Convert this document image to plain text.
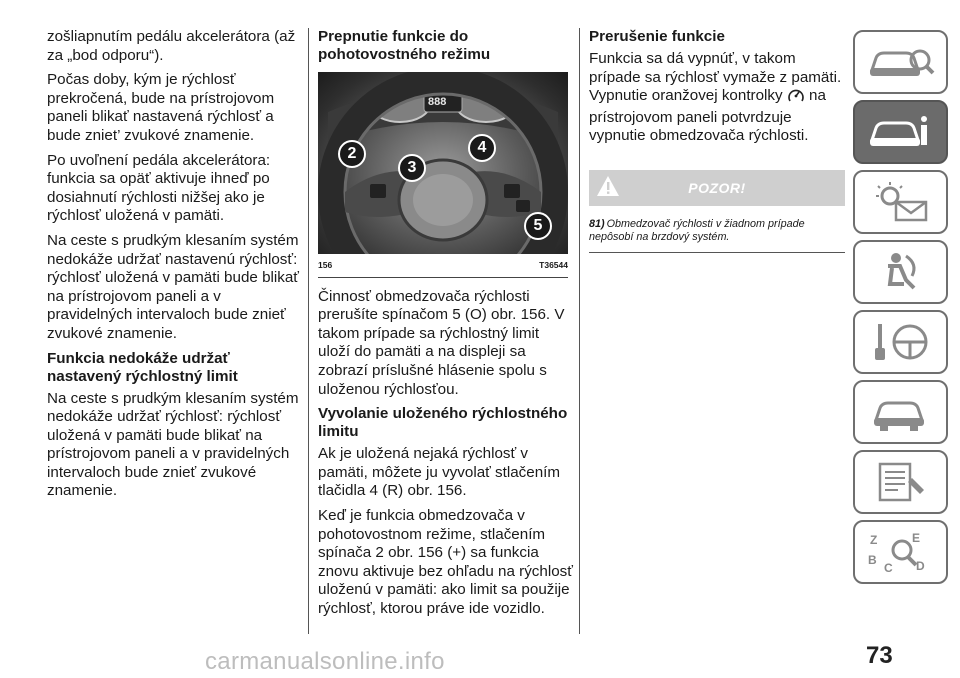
zošliapnutím pedálu akcelerátora (až za „bod odporu“).

Počas doby, kým je rýchlosť prekročená, bude na prístrojovom paneli blikať nastavená rýchlosť a bude zniet’ zvukové znamenie.

Po uvoľnení pedála akcelerátora: funkcia sa opäť aktivuje ihneď po dosiahnutí rýchlosti nižšej ako je rýchlosť uložená v pamäti.

Na ceste s prudkým klesaním systém nedokáže udržať nastavenú rýchlosť: rýchlosť uložená v pamäti bude blikať na prístrojovom paneli a v pravidelných intervaloch bude znieť zvukové znamenie.

Funkcia nedokáže udržať nastavený rýchlostný limit

Na ceste s prudkým klesaním systém nedokáže udržať rýchlosť: rýchlosť uložená v pamäti bude blikať na prístrojovom paneli a v pravidelných intervaloch bude znieť zvukové znamenie.

Prepnutie funkcie do pohotovostného režimu
888
2
3
4
5
156	T36544

Činnosť obmedzovača rýchlosti prerušíte spínačom 5 (O) obr. 156. V takom prípade sa rýchlostný limit uloží do pamäti a na displeji sa zobrazí príslušné hlásenie spolu s uloženou rýchlosťou.

Vyvolanie uloženého rýchlostného limitu

Ak je uložená nejaká rýchlosť v pamäti, môžete ju vyvolať stlačením tlačidla 4 (R) obr. 156.

Keď je funkcia obmedzovača v pohotovostnom režime, stlačením spínača 2 obr. 156 (+) sa funkcia znovu aktivuje bez ohľadu na rýchlosť uloženú v pamäti: ako limit sa použije rýchlosť, ktorou práve ide vozidlo.

Prerušenie funkcie

Funkcia sa dá vypnúť, v takom prípade sa rýchlosť vymaže z pamäti. Vypnutie oranžovej kontrolky  na prístrojovom paneli potvrdzuje vypnutie obmedzovača rýchlosti.

POZOR!
81) Obmedzovač rýchlosti v žiadnom prípade nepôsobí na brzdový systém.
Z	E
B
C D
carmanualsonline.info	73
